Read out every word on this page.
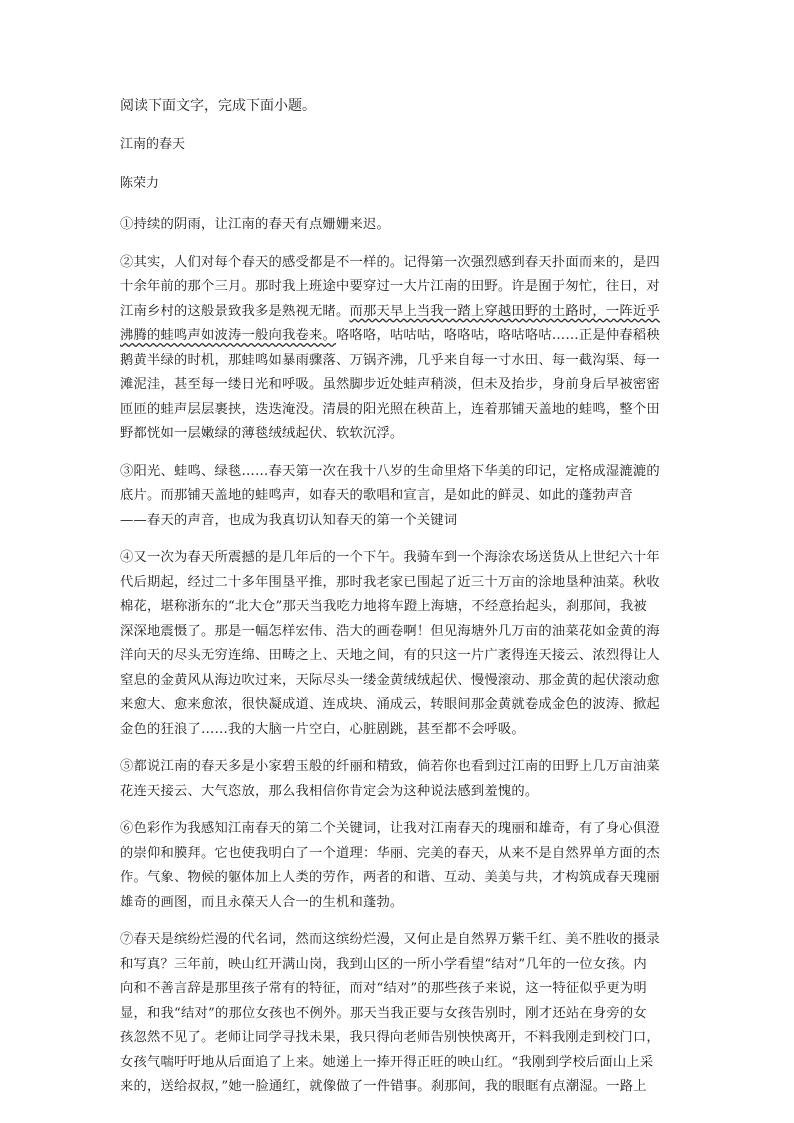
阅读下面文字，完成下面小题。

江南的春天

陈荣力

①持续的阴雨，让江南的春天有点姗姗来迟。

②其实，人们对每个春天的感受都是不一样的。记得第一次强烈感到春天扑面而来的，是四
十余年前的那个三月。那时我上班途中要穿过一大片江南的田野。许是囿于匆忙，往日，对
江南乡村的这般景致我多是熟视无睹。而那天早上当我一踏上穿越田野的土路时，一阵近乎
沸腾的蛙鸣声如波涛一般向我卷来。咯咯咯，咕咕咕，咯咯咕，咯咕咯咕……正是仲春稻秧
鹅黄半绿的时机，那蛙鸣如暴雨骤落、万锅齐沸，几乎来自每一寸水田、每一截沟渠、每一
滩泥洼，甚至每一缕日光和呼吸。虽然脚步近处蛙声稍淡，但未及抬步，身前身后早被密密
匝匝的蛙声层层裹挟，迭迭淹没。清晨的阳光照在秧苗上，连着那铺天盖地的蛙鸣，整个田
野都恍如一层嫩绿的薄毯绒绒起伏、软软沉浮。

③阳光、蛙鸣、绿毯……春天第一次在我十八岁的生命里烙下华美的印记，定格成湿漉漉的
底片。而那铺天盖地的蛙鸣声，如春天的歌唱和宣言，是如此的鲜灵、如此的蓬勃声音
——春天的声音，也成为我真切认知春天的第一个关键词

④又一次为春天所震撼的是几年后的一个下午。我骑车到一个海涂农场送货从上世纪六十年
代后期起，经过二十多年围垦平推，那时我老家已围起了近三十万亩的涂地垦种油菜。秋收
棉花，堪称浙东的“北大仓”那天当我吃力地将车蹬上海塘，不经意抬起头，刹那间，我被
深深地震慑了。那是一幅怎样宏伟、浩大的画卷啊！但见海塘外几万亩的油菜花如金黄的海
洋向天的尽头无穷连绵、田畴之上、天地之间，有的只这一片广袤得连天接云、浓烈得让人
窒息的金黄风从海边吹过来，天际尽头一缕金黄绒绒起伏、慢慢滚动、那金黄的起伏滚动愈
来愈大、愈来愈浓，很快凝成道、连成块、涌成云，转眼间那金黄就卷成金色的波涛、掀起
金色的狂浪了……我的大脑一片空白，心脏剧跳，甚至都不会呼吸。

⑤都说江南的春天多是小家碧玉般的纤丽和精致，倘若你也看到过江南的田野上几万亩油菜
花连天接云、大气恣放，那么我相信你肯定会为这种说法感到羞愧的。

⑥色彩作为我感知江南春天的第二个关键词，让我对江南春天的瑰丽和雄奇，有了身心俱澄
的崇仰和膜拜。它也使我明白了一个道理：华丽、完美的春天，从来不是自然界单方面的杰
作。气象、物候的躯体加上人类的劳作，两者的和谐、互动、美美与共，才构筑成春天瑰丽
雄奇的画图，而且永葆天人合一的生机和蓬勃。

⑦春天是缤纷烂漫的代名词，然而这缤纷烂漫，又何止是自然界万紫千红、美不胜收的摄录
和写真？三年前，映山红开满山岗，我到山区的一所小学看望“结对”几年的一位女孩。内
向和不善言辞是那里孩子常有的特征，而对“结对”的那些孩子来说，这一特征似乎更为明
显，和我“结对”的那位女孩也不例外。那天当我正要与女孩告别时，刚才还站在身旁的女
孩忽然不见了。老师让同学寻找未果，我只得向老师告别怏怏离开，不料我刚走到校门口，
女孩气喘吁吁地从后面追了上来。她递上一捧开得正旺的映山红。“我刚到学校后面山上采
来的，送给叔叔，”她一脸通红，就像做了一件错事。刹那间，我的眼眶有点潮湿。一路上
